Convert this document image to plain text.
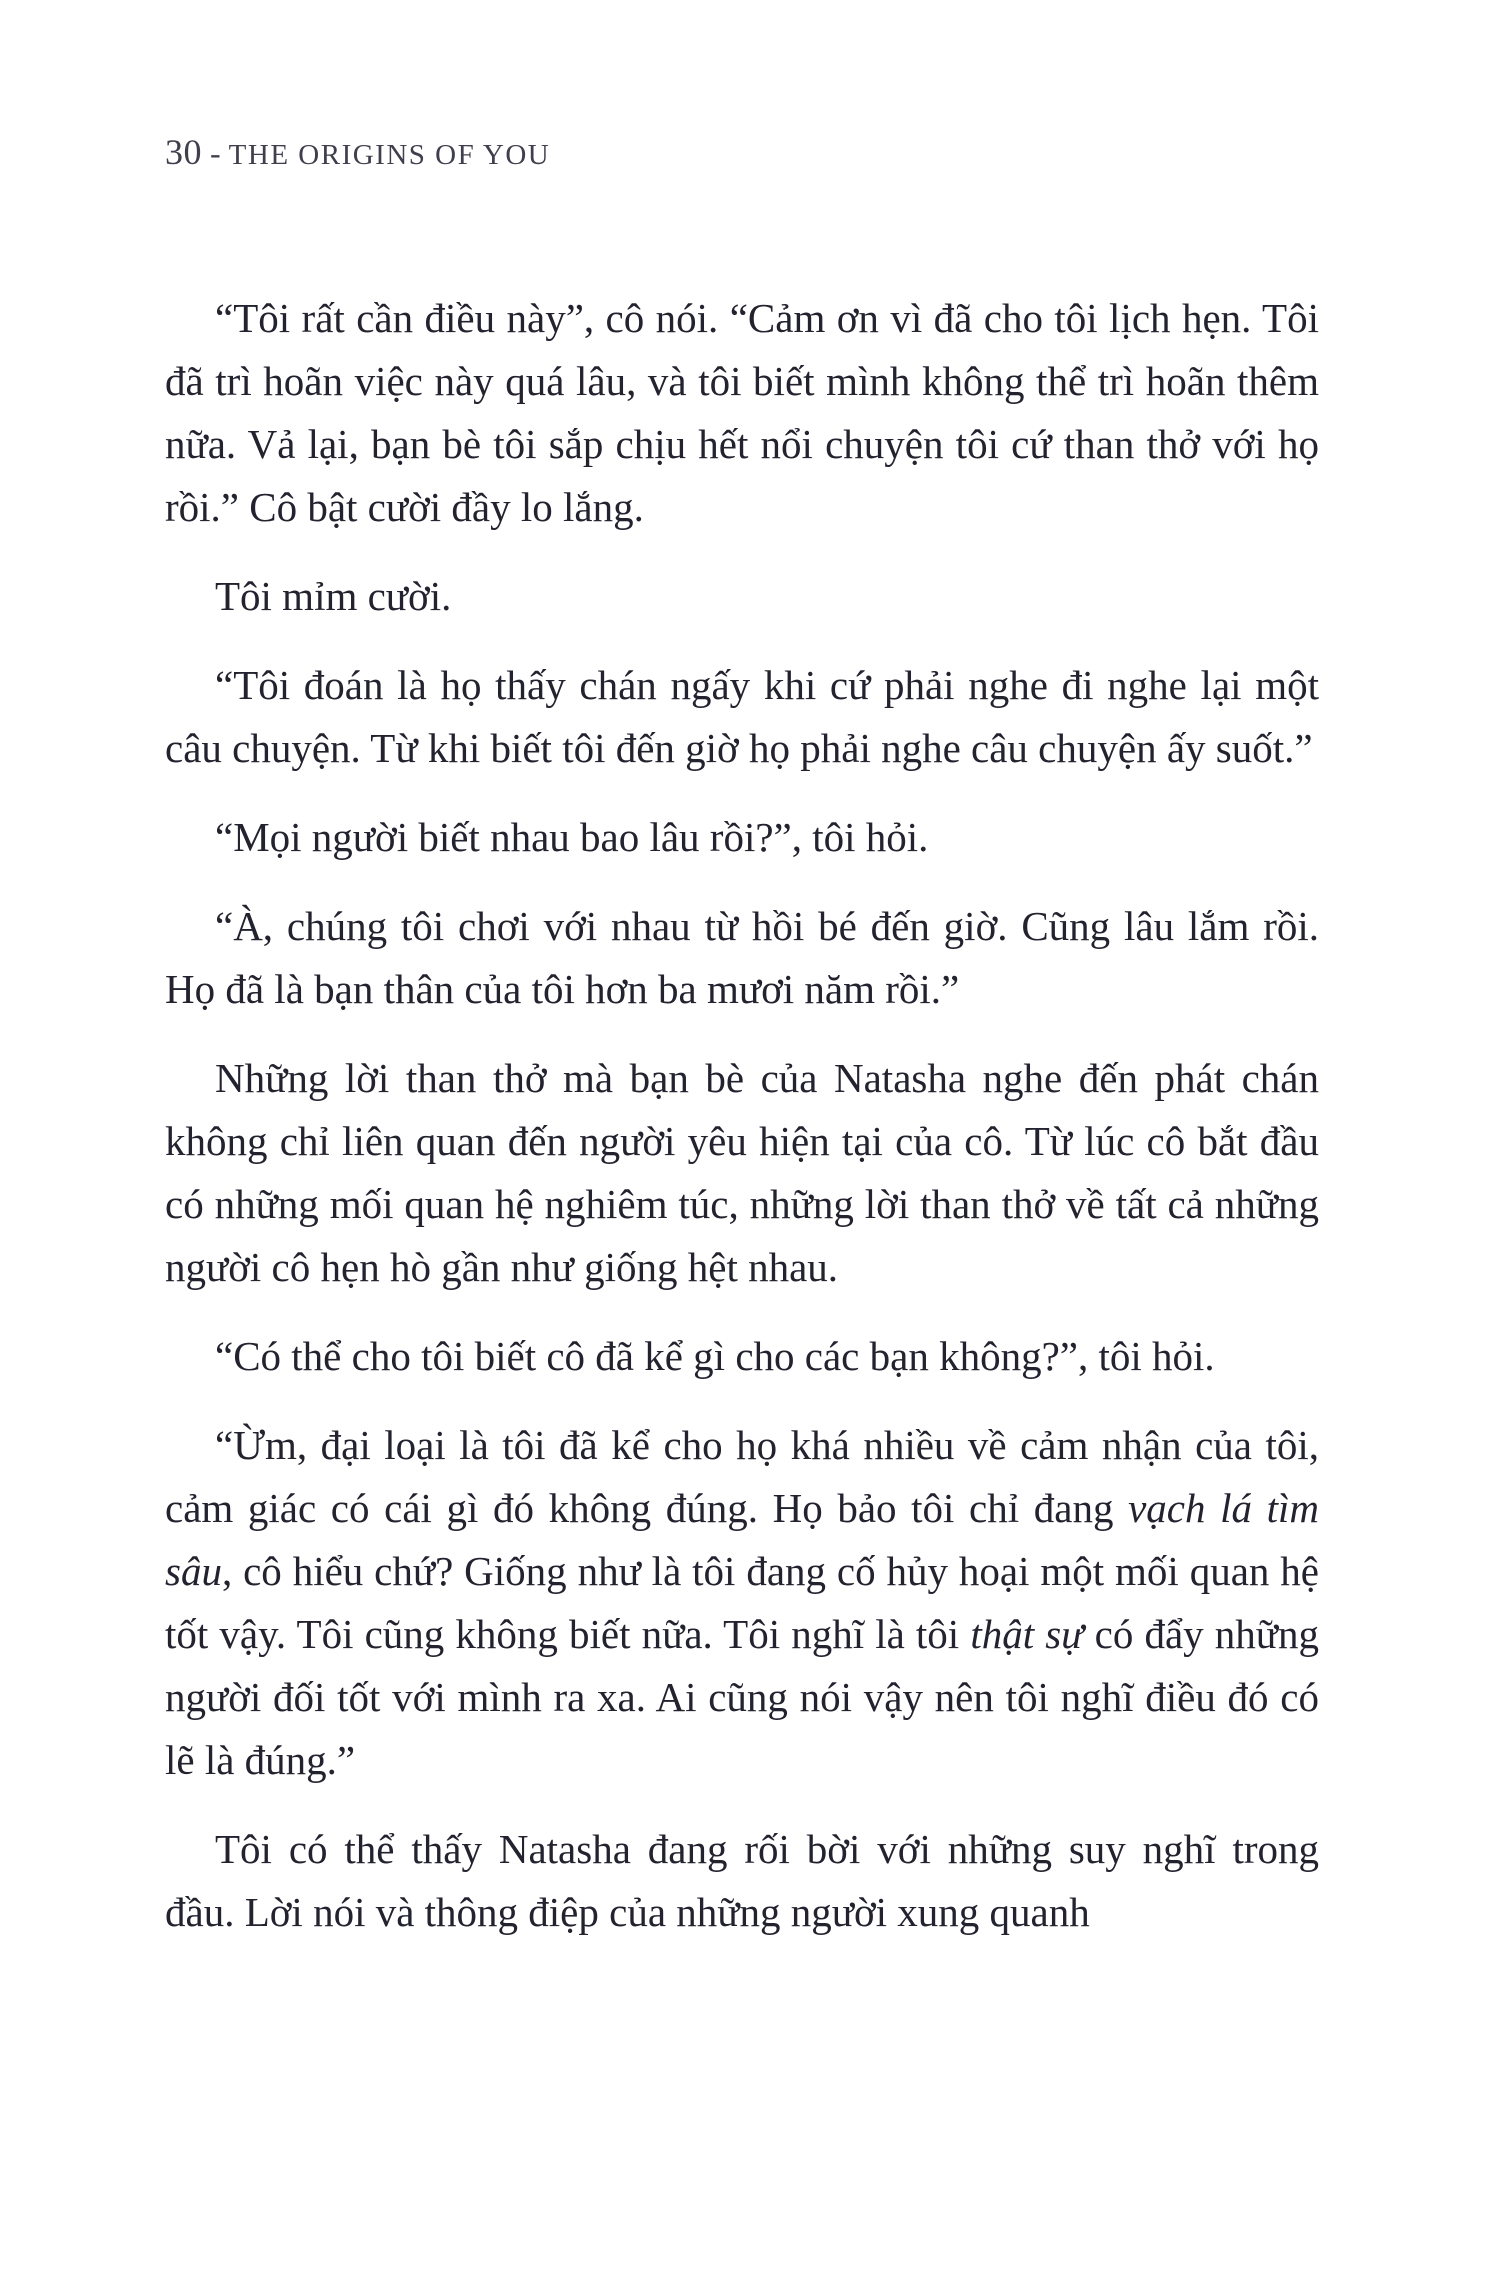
30 - THE ORIGINS OF YOU

“Tôi rất cần điều này”, cô nói. “Cảm ơn vì đã cho tôi lịch hẹn. Tôi đã trì hoãn việc này quá lâu, và tôi biết mình không thể trì hoãn thêm nữa. Vả lại, bạn bè tôi sắp chịu hết nổi chuyện tôi cứ than thở với họ rồi.” Cô bật cười đầy lo lắng.

Tôi mỉm cười.

“Tôi đoán là họ thấy chán ngấy khi cứ phải nghe đi nghe lại một câu chuyện. Từ khi biết tôi đến giờ họ phải nghe câu chuyện ấy suốt.”

“Mọi người biết nhau bao lâu rồi?”, tôi hỏi.

“À, chúng tôi chơi với nhau từ hồi bé đến giờ. Cũng lâu lắm rồi. Họ đã là bạn thân của tôi hơn ba mươi năm rồi.”

Những lời than thở mà bạn bè của Natasha nghe đến phát chán không chỉ liên quan đến người yêu hiện tại của cô. Từ lúc cô bắt đầu có những mối quan hệ nghiêm túc, những lời than thở về tất cả những người cô hẹn hò gần như giống hệt nhau.

“Có thể cho tôi biết cô đã kể gì cho các bạn không?”, tôi hỏi.

“Ừm, đại loại là tôi đã kể cho họ khá nhiều về cảm nhận của tôi, cảm giác có cái gì đó không đúng. Họ bảo tôi chỉ đang vạch lá tìm sâu, cô hiểu chứ? Giống như là tôi đang cố hủy hoại một mối quan hệ tốt vậy. Tôi cũng không biết nữa. Tôi nghĩ là tôi thật sự có đẩy những người đối tốt với mình ra xa. Ai cũng nói vậy nên tôi nghĩ điều đó có lẽ là đúng.”

Tôi có thể thấy Natasha đang rối bời với những suy nghĩ trong đầu. Lời nói và thông điệp của những người xung quanh
